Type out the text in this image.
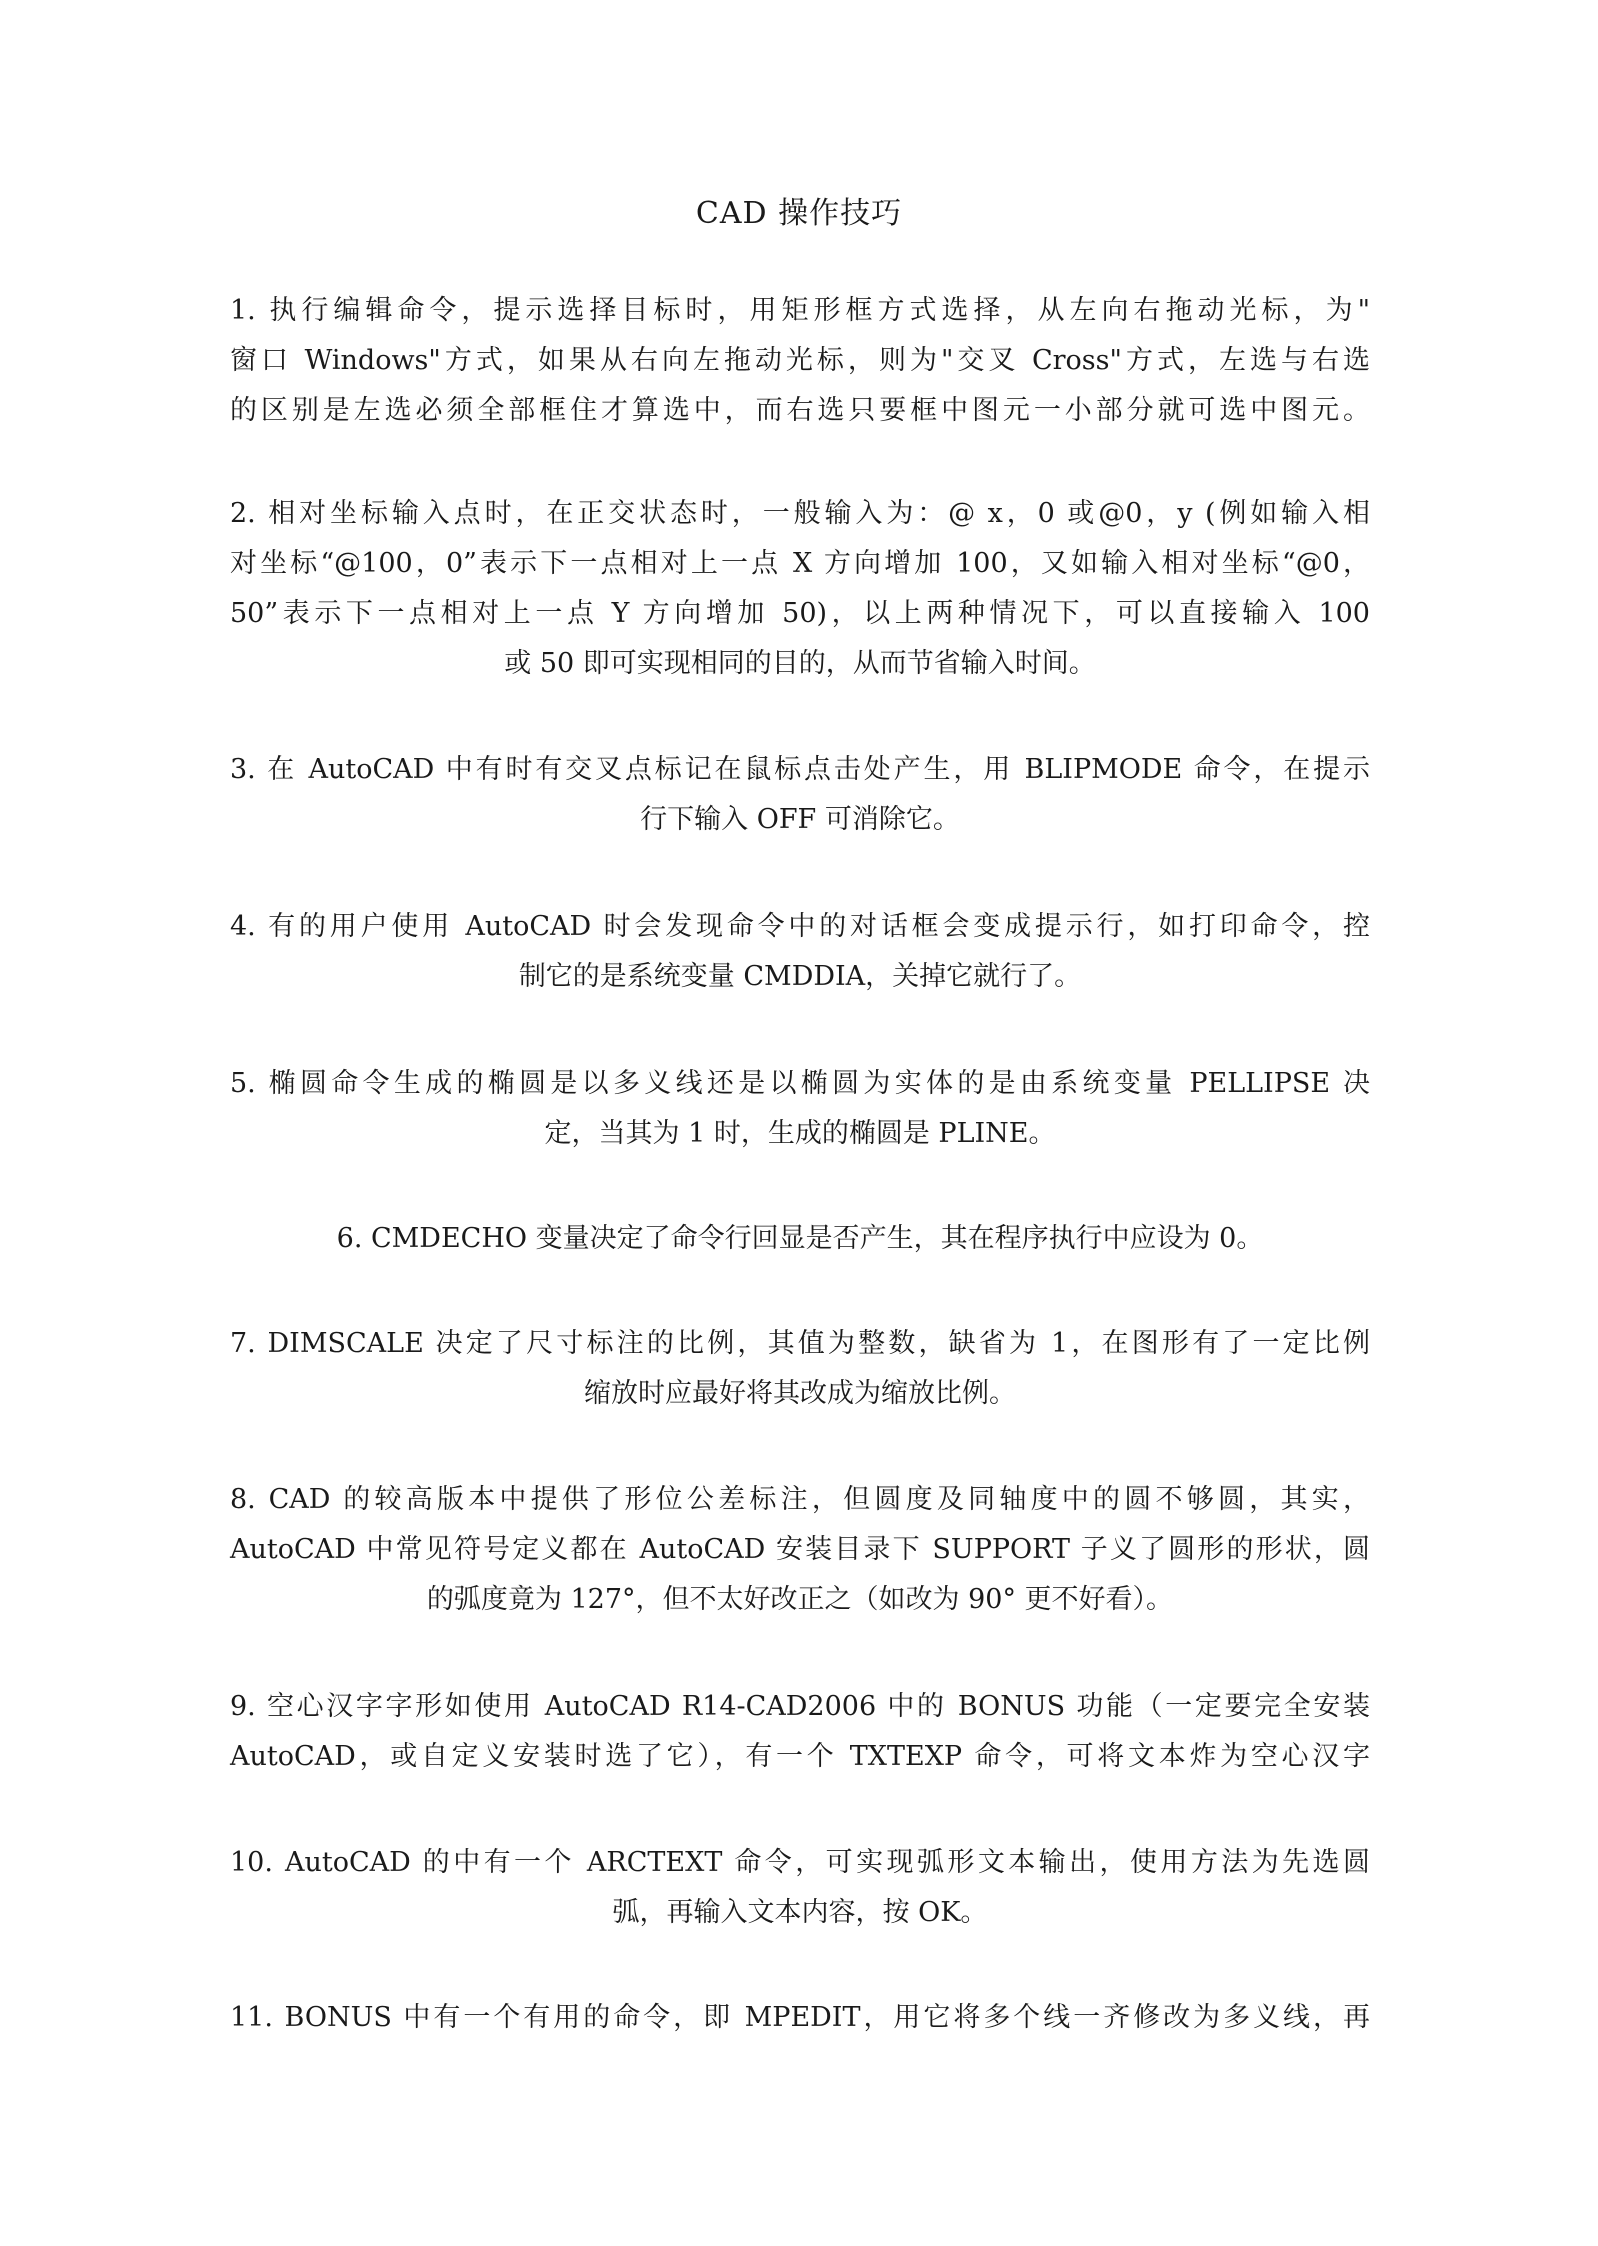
CAD 操作技巧
1. 执行编辑命令，提示选择目标时，用矩形框方式选择，从左向右拖动光标，为"
窗口 Windows"方式，如果从右向左拖动光标，则为"交叉 Cross"方式，左选与右选
的区别是左选必须全部框住才算选中，而右选只要框中图元一小部分就可选中图元。
2. 相对坐标输入点时，在正交状态时，一般输入为：@ x，0 或@0，y (例如输入相
对坐标“@100，0”表示下一点相对上一点 X 方向增加 100，又如输入相对坐标“@0，
50”表示下一点相对上一点 Y 方向增加 50)，以上两种情况下，可以直接输入 100
或 50 即可实现相同的目的，从而节省输入时间。
3. 在 AutoCAD 中有时有交叉点标记在鼠标点击处产生，用 BLIPMODE 命令，在提示
行下输入 OFF 可消除它。
4. 有的用户使用 AutoCAD 时会发现命令中的对话框会变成提示行，如打印命令，控
制它的是系统变量 CMDDIA，关掉它就行了。
5. 椭圆命令生成的椭圆是以多义线还是以椭圆为实体的是由系统变量 PELLIPSE 决
定，当其为 1 时，生成的椭圆是 PLINE。
6. CMDECHO 变量决定了命令行回显是否产生，其在程序执行中应设为 0。
7. DIMSCALE 决定了尺寸标注的比例，其值为整数，缺省为 1，在图形有了一定比例
缩放时应最好将其改成为缩放比例。
8. CAD 的较高版本中提供了形位公差标注，但圆度及同轴度中的圆不够圆，其实，
AutoCAD 中常见符号定义都在 AutoCAD 安装目录下 SUPPORT 子义了圆形的形状，圆
的弧度竟为 127°，但不太好改正之（如改为 90° 更不好看）。
9. 空心汉字字形如使用 AutoCAD R14-CAD2006 中的 BONUS 功能（一定要完全安装
AutoCAD，或自定义安装时选了它），有一个 TXTEXP 命令，可将文本炸为空心汉字
10. AutoCAD 的中有一个 ARCTEXT 命令，可实现弧形文本输出，使用方法为先选圆
弧，再输入文本内容，按 OK。
11. BONUS 中有一个有用的命令，即 MPEDIT，用它将多个线一齐修改为多义线，再
